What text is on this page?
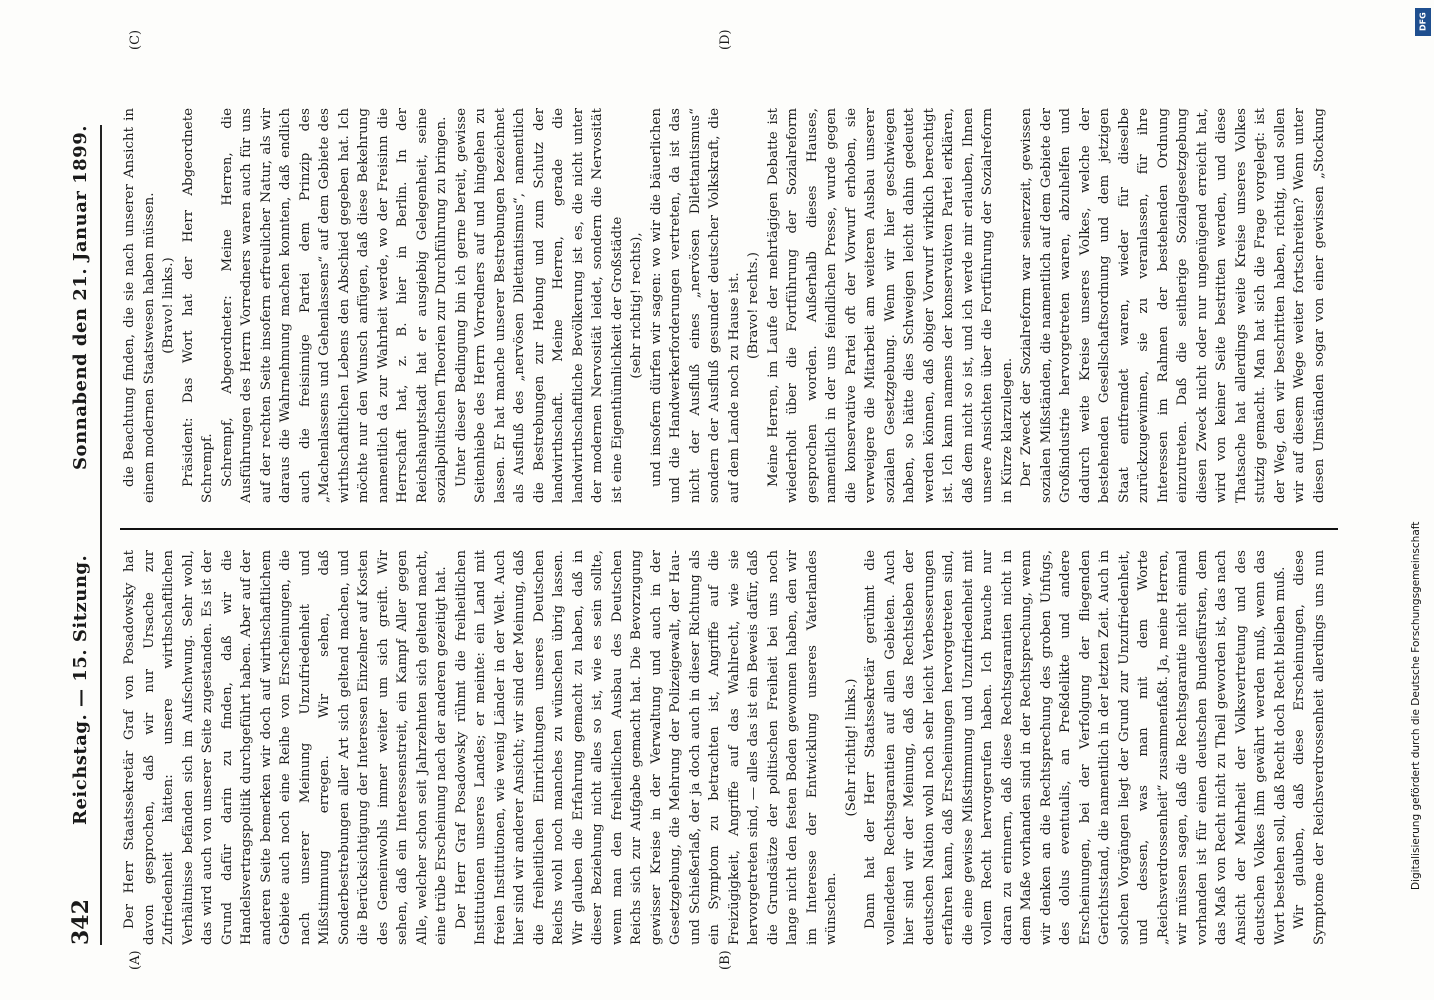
342
Reichstag. — 15. Sitzung.
Sonnabend den 21. Januar 1899.
(A)	(B)
(C)	(D)

Der Herr Staatssekretär Graf von Posadowsky hat davon gesprochen, daß wir nur Ursache zur Zufriedenheit hätten: unsere wirthschaftlichen Verhältnisse befänden sich im Aufschwung. Sehr wohl, das wird auch von unserer Seite zugestanden. Es ist der Grund dafür darin zu finden, daß wir die Handelsvertragspolitik durchgeführt haben. Aber auf der anderen Seite bemerken wir doch auf wirthschaftlichem Gebiete auch noch eine Reihe von Erscheinungen, die nach unserer Meinung Unzufriedenheit und Mißstimmung erregen. Wir sehen, daß Sonderbestrebungen aller Art sich geltend machen, und die Berücksichtigung der Interessen Einzelner auf Kosten des Gemeinwohls immer weiter um sich greift. Wir sehen, daß ein Interessenstreit, ein Kampf Aller gegen Alle, welcher schon seit Jahrzehnten sich geltend macht, eine trübe Erscheinung nach der anderen gezeitigt hat. Der Herr Graf Posadowsky rühmt die freiheitlichen Institutionen unseres Landes; er meinte: ein Land mit freien Institutionen, wie wenig Länder in der Welt. Auch hier sind wir anderer Ansicht; wir sind der Meinung, daß die freiheitlichen Einrichtungen unseres Deutschen Reichs wohl noch manches zu wünschen übrig lassen. Wir glauben die Erfahrung gemacht zu haben, daß in dieser Beziehung nicht alles so ist, wie es sein sollte, wenn man den freiheitlichen Ausbau des Deutschen Reichs sich zur Aufgabe gemacht hat. Die Bevorzugung gewisser Kreise in der Verwaltung und auch in der Gesetzgebung, die Mehrung der Polizeigewalt, der Hau- und Schießerlaß, der ja doch auch in dieser Richtung als ein Symptom zu betrachten ist, Angriffe auf die Freizügigkeit, Angriffe auf das Wahlrecht, wie sie hervorgetreten sind, — alles das ist ein Beweis dafür, daß die Grundsätze der politischen Freiheit bei uns noch lange nicht den festen Boden gewonnen haben, den wir im Interesse der Entwicklung unseres Vaterlandes wünschen.

(Sehr richtig! links.) Dann hat der Herr Staatssekretär gerühmt die vollendeten Rechtsgarantien auf allen Gebieten. Auch hier sind wir der Meinung, daß das Rechtsleben der deutschen Nation wohl noch sehr leicht Verbesserungen erfahren kann, daß Erscheinungen hervorgetreten sind, die eine gewisse Mißstimmung und Unzufriedenheit mit vollem Recht hervorgerufen haben. Ich brauche nur daran zu erinnern, daß diese Rechtsgarantien nicht in dem Maße vorhanden sind in der Rechtsprechung, wenn wir denken an die Rechtsprechung des groben Unfugs, des dolus eventualis, an Preßdelikte und andere Erscheinungen, bei der Verfolgung der fliegenden Gerichtsstand, die namentlich in der letzten Zeit. Auch in solchen Vorgängen liegt der Grund zur Unzufriedenheit, und dessen, was man mit dem Worte „Reichsverdrossenheit“ zusammenfaßt. Ja, meine Herren, wir müssen sagen, daß die Rechtsgarantie nicht einmal vorhanden ist für einen deutschen Bundesfürsten, dem das Maß von Recht nicht zu Theil geworden ist, das nach Ansicht der Mehrheit der Volksvertretung und des deutschen Volkes ihm gewährt werden muß, wenn das Wort bestehen soll, daß Recht doch Recht bleiben muß. Wir glauben, daß diese Erscheinungen, diese Symptome der Reichsverdrossenheit allerdings uns nun

die Beachtung finden, die sie nach unserer Ansicht in einem modernen Staatswesen haben müssen. (Bravo! links.) Präsident: Das Wort hat der Herr Abgeordnete Schrempf. Schrempf, Abgeordneter: Meine Herren, die Ausführungen des Herrn Vorredners waren auch für uns auf der rechten Seite insofern erfreulicher Natur, als wir daraus die Wahrnehmung machen konnten, daß endlich auch die freisinnige Partei dem Prinzip des „Machenlassens und Gehenlassens“ auf dem Gebiete des wirthschaftlichen Lebens den Abschied gegeben hat. Ich möchte nur den Wunsch anfügen, daß diese Bekehrung namentlich da zur Wahrheit werde, wo der Freisinn die Herrschaft hat, z. B. hier in Berlin. In der Reichshauptstadt hat er ausgiebig Gelegenheit, seine sozialpolitischen Theorien zur Durchführung zu bringen. Unter dieser Bedingung bin ich gerne bereit, gewisse Seitenhiebe des Herrn Vorredners auf und hingehen zu lassen. Er hat manche unserer Bestrebungen bezeichnet als Ausfluß des „nervösen Dilettantismus“, namentlich die Bestrebungen zur Hebung und zum Schutz der landwirthschaft. Meine Herren, gerade die landwirthschaftliche Bevölkerung ist es, die nicht unter der modernen Nervosität leidet, sondern die Nervosität ist eine Eigenthümlichkeit der Großstädte (sehr richtig! rechts), und insofern dürfen wir sagen: wo wir die bäuerlichen und die Handwerkerforderungen vertreten, da ist das nicht der Ausfluß eines „nervösen Dilettantismus“ sondern der Ausfluß gesunder deutscher Volkskraft, die auf dem Lande noch zu Hause ist. (Bravo! rechts.) Meine Herren, im Laufe der mehrtägigen Debatte ist wiederholt über die Fortführung der Sozialreform gesprochen worden. Außerhalb dieses Hauses, namentlich in der uns feindlichen Presse, wurde gegen die konservative Partei oft der Vorwurf erhoben, sie verweigere die Mitarbeit am weiteren Ausbau unserer sozialen Gesetzgebung. Wenn wir hier geschwiegen haben, so hätte dies Schweigen leicht dahin gedeutet werden können, daß obiger Vorwurf wirklich berechtigt ist. Ich kann namens der konservativen Partei erklären, daß dem nicht so ist, und ich werde mir erlauben, Ihnen unsere Ansichten über die Fortführung der Sozialreform in Kürze klarzulegen. Der Zweck der Sozialreform war seinerzeit, gewissen sozialen Mißständen, die namentlich auf dem Gebiete der Großindustrie hervorgetreten waren, abzuhelfen und dadurch weite Kreise unseres Volkes, welche der bestehenden Gesellschaftsordnung und dem jetzigen Staat entfremdet waren, wieder für dieselbe zurückzugewinnen, sie zu veranlassen, für ihre Interessen im Rahmen der bestehenden Ordnung einzutreten. Daß die seitherige Sozialgesetzgebung diesen Zweck nicht oder nur ungenügend erreicht hat, wird von keiner Seite bestritten werden, und diese Thatsache hat allerdings weite Kreise unseres Volkes stutzig gemacht. Man hat sich die Frage vorgelegt: ist der Weg, den wir beschritten haben, richtig, und sollen wir auf diesem Wege weiter fortschreiten? Wenn unter diesen Umständen sogar von einer gewissen „Stockung

DFG
Digitalisierung gefördert durch die Deutsche Forschungsgemeinschaft
